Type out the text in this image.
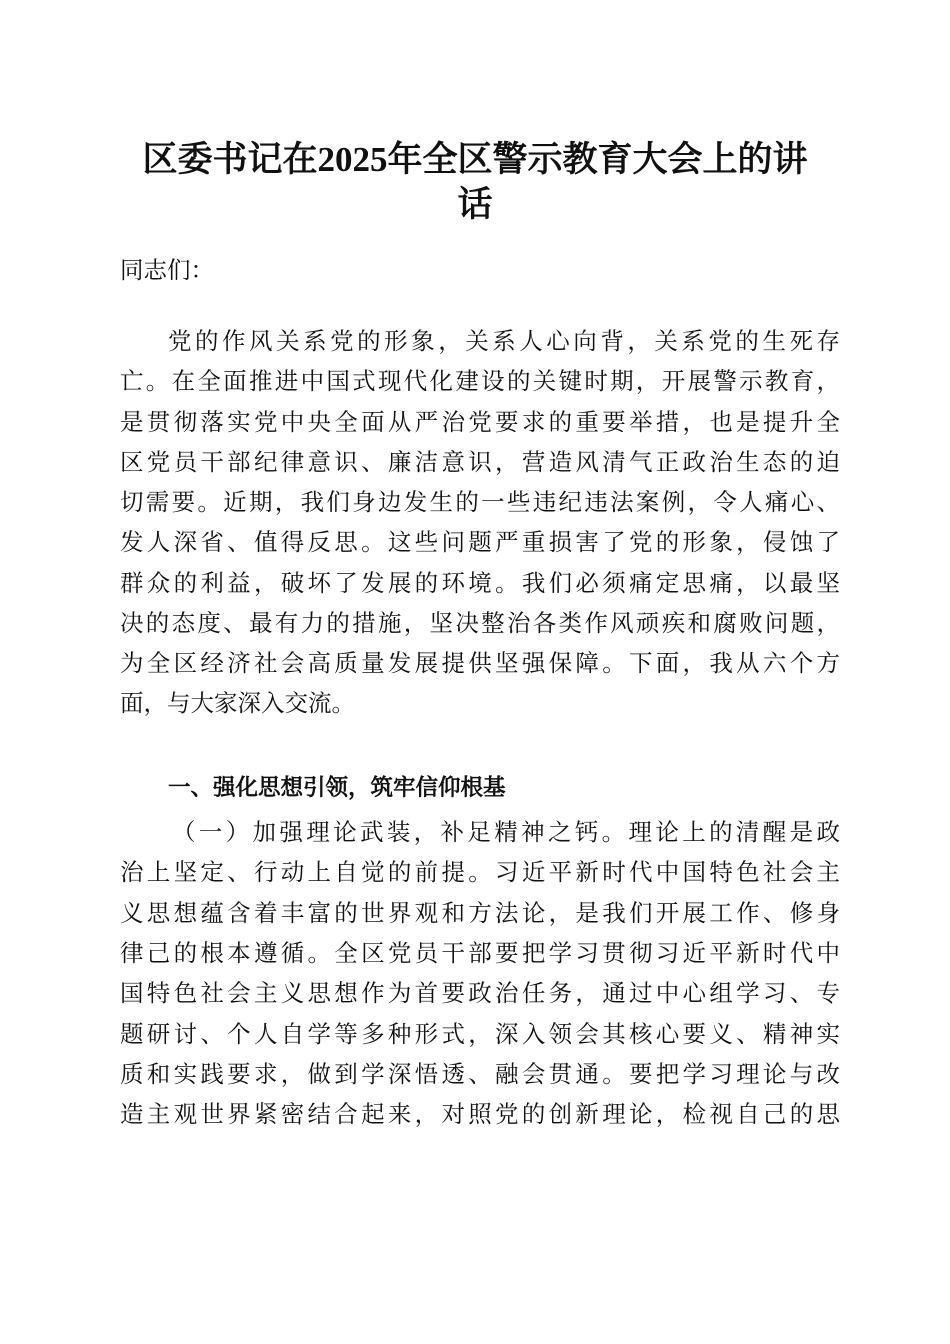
区委书记在2025年全区警示教育大会上的讲
话
同志们：
党的作风关系党的形象，关系人心向背，关系党的生死存
亡。在全面推进中国式现代化建设的关键时期，开展警示教育，
是贯彻落实党中央全面从严治党要求的重要举措，也是提升全
区党员干部纪律意识、廉洁意识，营造风清气正政治生态的迫
切需要。近期，我们身边发生的一些违纪违法案例，令人痛心、
发人深省、值得反思。这些问题严重损害了党的形象，侵蚀了
群众的利益，破坏了发展的环境。我们必须痛定思痛，以最坚
决的态度、最有力的措施，坚决整治各类作风顽疾和腐败问题，
为全区经济社会高质量发展提供坚强保障。下面，我从六个方
面，与大家深入交流。
一、强化思想引领，筑牢信仰根基
（一）加强理论武装，补足精神之钙。理论上的清醒是政
治上坚定、行动上自觉的前提。习近平新时代中国特色社会主
义思想蕴含着丰富的世界观和方法论，是我们开展工作、修身
律己的根本遵循。全区党员干部要把学习贯彻习近平新时代中
国特色社会主义思想作为首要政治任务，通过中心组学习、专
题研讨、个人自学等多种形式，深入领会其核心要义、精神实
质和实践要求，做到学深悟透、融会贯通。要把学习理论与改
造主观世界紧密结合起来，对照党的创新理论，检视自己的思
